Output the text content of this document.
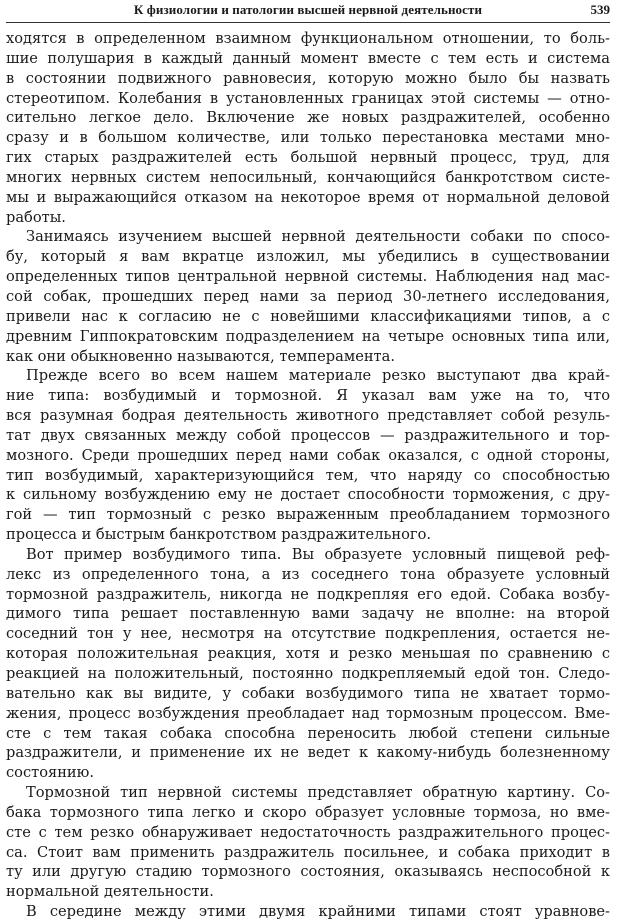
К физиологии и патологии высшей нервной деятельности	539
ходятся в определенном взаимном функциональном отношении, то боль-
шие полушария в каждый данный момент вместе с тем есть и система
в состоянии подвижного равновесия, которую можно было бы назвать
стереотипом. Колебания в установленных границах этой системы — отно-
сительно легкое дело. Включение же новых раздражителей, особенно
сразу и в большом количестве, или только перестановка местами мно-
гих старых раздражителей есть большой нервный процесс, труд, для
многих нервных систем непосильный, кончающийся банкротством систе-
мы и выражающийся отказом на некоторое время от нормальной деловой
работы.
Занимаясь изучением высшей нервной деятельности собаки по спосо-
бу, который я вам вкратце изложил, мы убедились в существовании
определенных типов центральной нервной системы. Наблюдения над мас-
сой собак, прошедших перед нами за период 30-летнего исследования,
привели нас к согласию не с новейшими классификациями типов, а с
древним Гиппократовским подразделением на четыре основных типа или,
как они обыкновенно называются, темперамента.
Прежде всего во всем нашем материале резко выступают два край-
ние типа: возбудимый и тормозной. Я указал вам уже на то, что
вся разумная бодрая деятельность животного представляет собой резуль-
тат двух связанных между собой процессов — раздражительного и тор-
мозного. Среди прошедших перед нами собак оказался, с одной стороны,
тип возбудимый, характеризующийся тем, что наряду со способностью
к сильному возбуждению ему не достает способности торможения, с дру-
гой — тип тормозный с резко выраженным преобладанием тормозного
процесса и быстрым банкротством раздражительного.
Вот пример возбудимого типа. Вы образуете условный пищевой реф-
лекс из определенного тона, а из соседнего тона образуете условный
тормозной раздражитель, никогда не подкрепляя его едой. Собака возбу-
димого типа решает поставленную вами задачу не вполне: на второй
соседний тон у нее, несмотря на отсутствие подкрепления, остается не-
которая положительная реакция, хотя и резко меньшая по сравнению с
реакцией на положительный, постоянно подкрепляемый едой тон. Следо-
вательно как вы видите, у собаки возбудимого типа не хватает тормо-
жения, процесс возбуждения преобладает над тормозным процессом. Вме-
сте с тем такая собака способна переносить любой степени сильные
раздражители, и применение их не ведет к какому-нибудь болезненному
состоянию.
Тормозной тип нервной системы представляет обратную картину. Со-
бака тормозного типа легко и скоро образует условные тормоза, но вме-
сте с тем резко обнаруживает недостаточность раздражительного процес-
са. Стоит вам применить раздражитель посильнее, и собака приходит в
ту или другую стадию тормозного состояния, оказываясь неспособной к
нормальной деятельности.
В середине между этими двумя крайними типами стоят уравнове-
